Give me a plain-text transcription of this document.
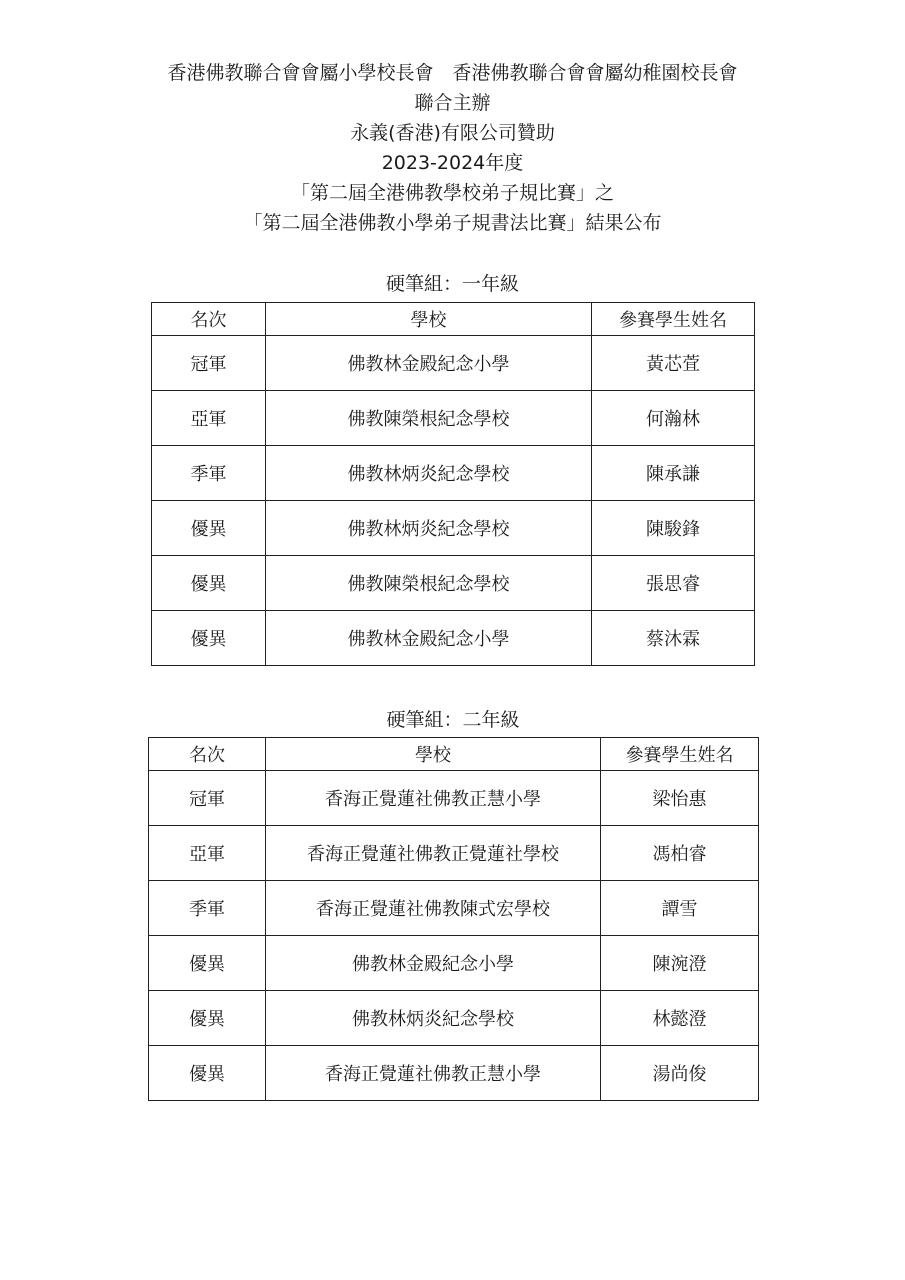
香港佛教聯合會會屬小學校長會　香港佛教聯合會會屬幼稚園校長會
聯合主辦
永義(香港)有限公司贊助
2023-2024年度
「第二屆全港佛教學校弟子規比賽」之
「第二屆全港佛教小學弟子規書法比賽」結果公布
硬筆組：一年級
名次	學校	參賽學生姓名
冠軍	佛教林金殿紀念小學	黃芯萓
亞軍	佛教陳榮根紀念學校	何瀚林
季軍	佛教林炳炎紀念學校	陳承謙
優異	佛教林炳炎紀念學校	陳駿鋒
優異	佛教陳榮根紀念學校	張思睿
優異	佛教林金殿紀念小學	蔡沐霖
硬筆組：二年級
名次	學校	參賽學生姓名
冠軍	香海正覺蓮社佛教正慧小學	梁怡惠
亞軍	香海正覺蓮社佛教正覺蓮社學校	馮柏睿
季軍	香海正覺蓮社佛教陳式宏學校	譚雪
優異	佛教林金殿紀念小學	陳涴澄
優異	佛教林炳炎紀念學校	林懿澄
優異	香海正覺蓮社佛教正慧小學	湯尚俊
